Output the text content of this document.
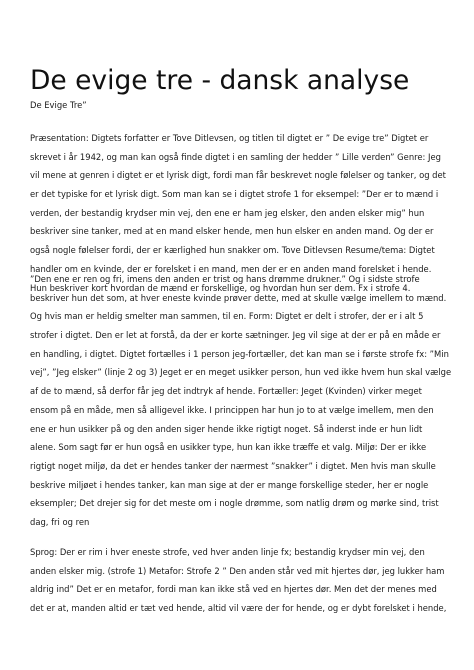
De evige tre - dansk analyse

De Evige Tre”

Præsentation: Digtets forfatter er Tove Ditlevsen, og titlen til digtet er ” De evige tre” Digtet er
skrevet i år 1942, og man kan også finde digtet i en samling der hedder ” Lille verden” Genre: Jeg
vil mene at genren i digtet er et lyrisk digt, fordi man får beskrevet nogle følelser og tanker, og det
er det typiske for et lyrisk digt. Som man kan se i digtet strofe 1 for eksempel: ”Der er to mænd i
verden, der bestandig krydser min vej, den ene er ham jeg elsker, den anden elsker mig” hun
beskriver sine tanker, med at en mand elsker hende, men hun elsker en anden mand. Og der er
også nogle følelser fordi, der er kærlighed hun snakker om. Tove Ditlevsen Resume/tema: Digtet
handler om en kvinde, der er forelsket i en mand, men der er en anden mand forelsket i hende.
Hun beskriver kort hvordan de mænd er forskellige, og hvordan hun ser dem. Fx i strofe 4.
”Den ene er ren og fri, imens den anden er trist og hans drømme drukner.” Og i sidste strofe
beskriver hun det som, at hver eneste kvinde prøver dette, med at skulle vælge imellem to mænd.
Og hvis man er heldig smelter man sammen, til en. Form: Digtet er delt i strofer, der er i alt 5
strofer i digtet. Den er let at forstå, da der er korte sætninger. Jeg vil sige at der er på en måde er
en handling, i digtet. Digtet fortælles i 1 person jeg-fortæller, det kan man se i første strofe fx: ”Min
vej”, ”Jeg elsker” (linje 2 og 3) Jeget er en meget usikker person, hun ved ikke hvem hun skal vælge
af de to mænd, så derfor får jeg det indtryk af hende. Fortæller: Jeget (Kvinden) virker meget
ensom på en måde, men så alligevel ikke. I princippen har hun jo to at vælge imellem, men den
ene er hun usikker på og den anden siger hende ikke rigtigt noget. Så inderst inde er hun lidt
alene. Som sagt før er hun også en usikker type, hun kan ikke træffe et valg. Miljø: Der er ikke
rigtigt noget miljø, da det er hendes tanker der nærmest ”snakker” i digtet. Men hvis man skulle
beskrive miljøet i hendes tanker, kan man sige at der er mange forskellige steder, her er nogle
eksempler; Det drejer sig for det meste om i nogle drømme, som natlig drøm og mørke sind, trist
dag, fri og ren
Sprog: Der er rim i hver eneste strofe, ved hver anden linje fx; bestandig krydser min vej, den
anden elsker mig. (strofe 1) Metafor: Strofe 2 ” Den anden står ved mit hjertes dør, jeg lukker ham
aldrig ind” Det er en metafor, fordi man kan ikke stå ved en hjertes dør. Men det der menes med
det er at, manden altid er tæt ved hende, altid vil være der for hende, og er dybt forelsket i hende,
